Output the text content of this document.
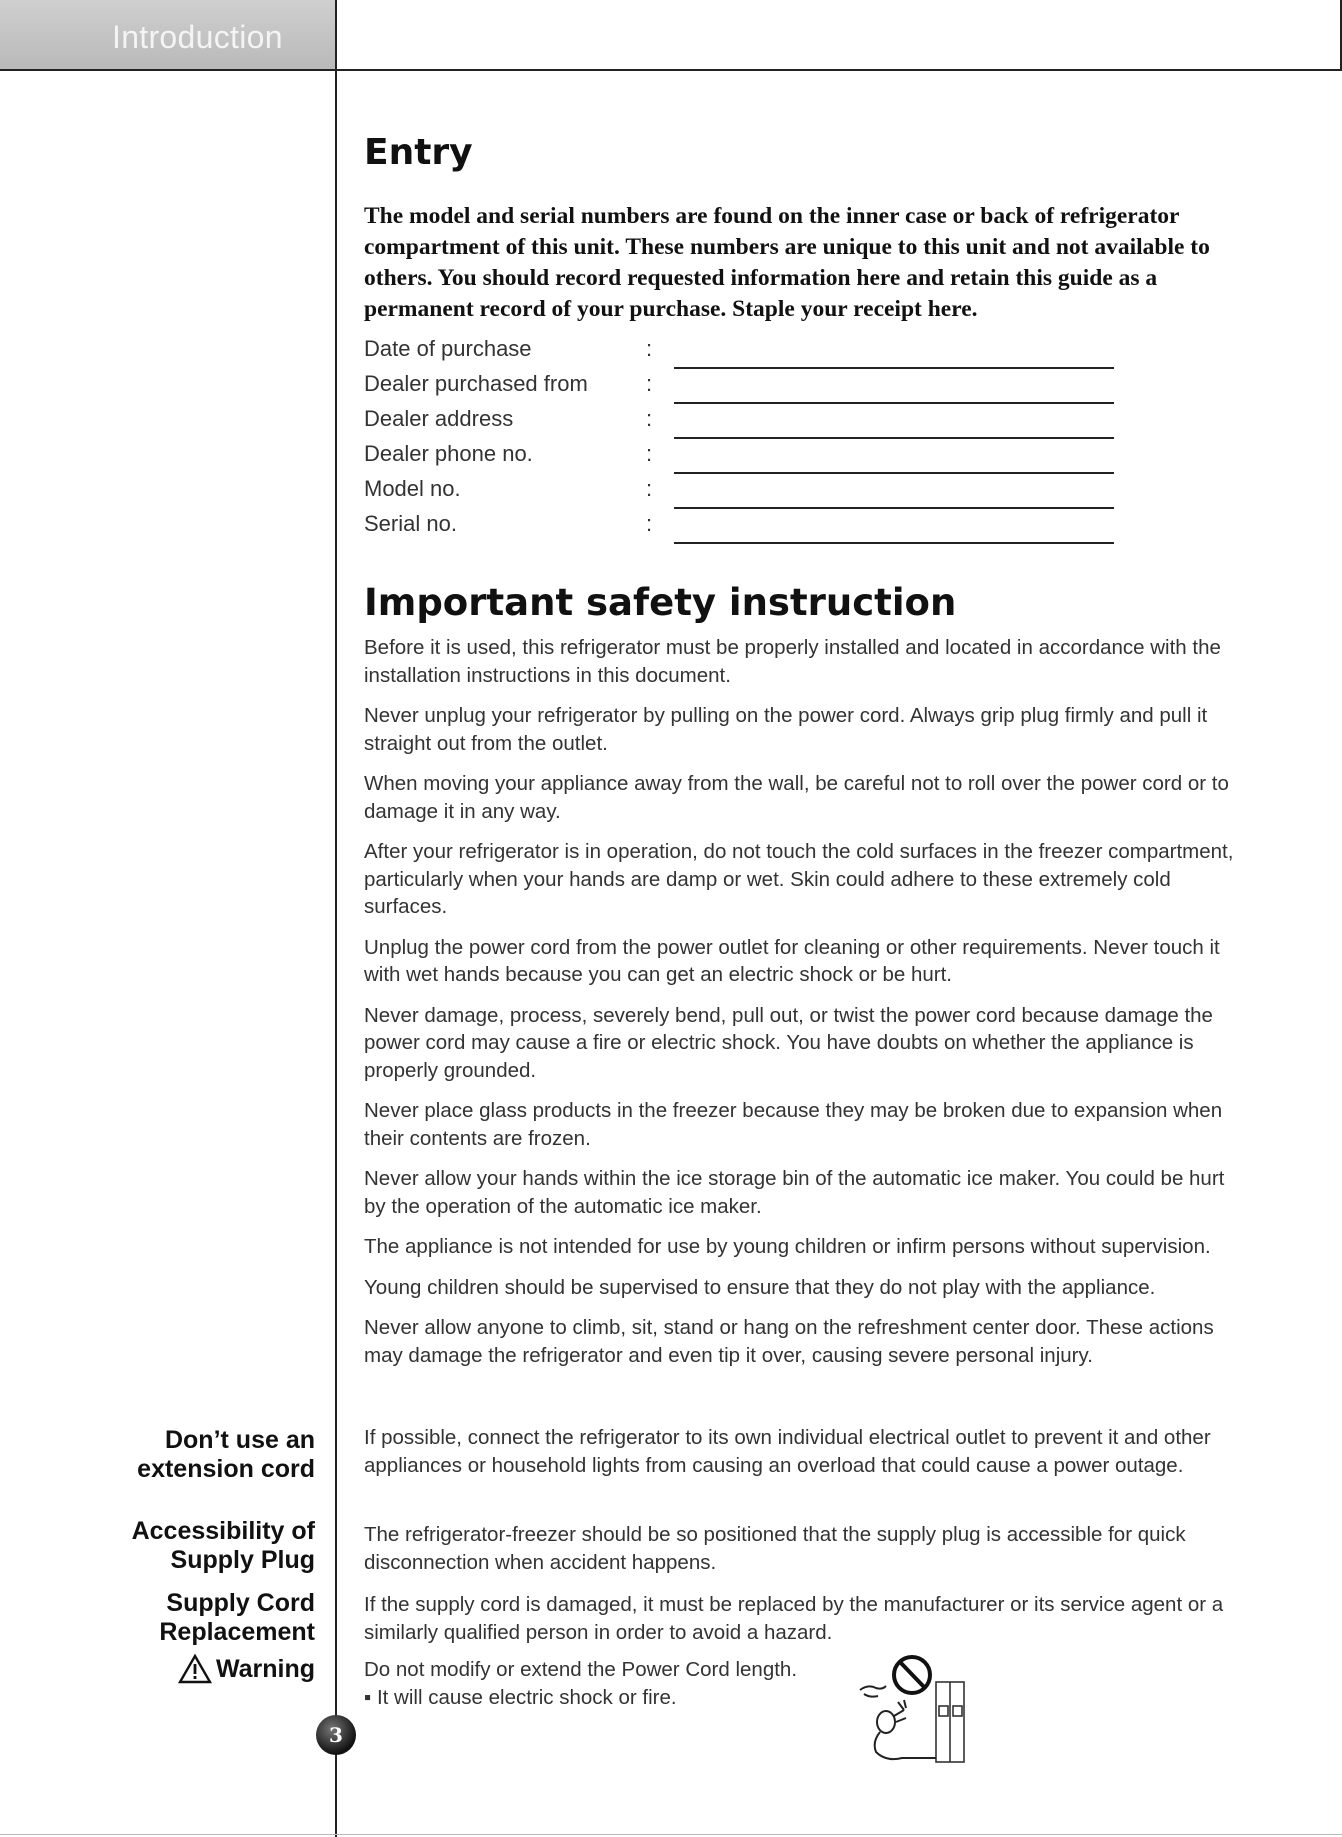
Introduction
Entry

The model and serial numbers are found on the inner case or back of refrigerator compartment of this unit. These numbers are unique to this unit and not available to others. You should record requested information here and retain this guide as a permanent record of your purchase. Staple your receipt here.

Date of purchase	:
Dealer purchased from	:
Dealer address	:
Dealer phone no.	:
Model no.	:
Serial no.	:
Important safety instruction

Before it is used, this refrigerator must be properly installed and located in accordance with the installation instructions in this document.

Never unplug your refrigerator by pulling on the power cord. Always grip plug firmly and pull it straight out from the outlet.

When moving your appliance away from the wall, be careful not to roll over the power cord or to damage it in any way.

After your refrigerator is in operation, do not touch the cold surfaces in the freezer compartment, particularly when your hands are damp or wet. Skin could adhere to these extremely cold surfaces.

Unplug the power cord from the power outlet for cleaning or other requirements. Never touch it with wet hands because you can get an electric shock or be hurt.

Never damage, process, severely bend, pull out, or twist the power cord because damage the power cord may cause a fire or electric shock. You have doubts on whether the appliance is properly grounded.

Never place glass products in the freezer because they may be broken due to expansion when their contents are frozen.

Never allow your hands within the ice storage bin of the automatic ice maker. You could be hurt by the operation of the automatic ice maker.

The appliance is not intended for use by young children or infirm persons without supervision.

Young children should be supervised to ensure that they do not play with the appliance.

Never allow anyone to climb, sit, stand or hang on the refreshment center door. These actions may damage the refrigerator and even tip it over, causing severe personal injury.

Don’t use an
extension cord
Accessibility of
Supply Plug
Supply Cord
Replacement
Warning

If possible, connect the refrigerator to its own individual electrical outlet to prevent it and other appliances or household lights from causing an overload that could cause a power outage.

The refrigerator-freezer should be so positioned that the supply plug is accessible for quick disconnection when accident happens.

If the supply cord is damaged, it must be replaced by the manufacturer or its service agent or a similarly qualified person in order to avoid a hazard.

Do not modify or extend the Power Cord length.
▪ It will cause electric shock or fire.
3
